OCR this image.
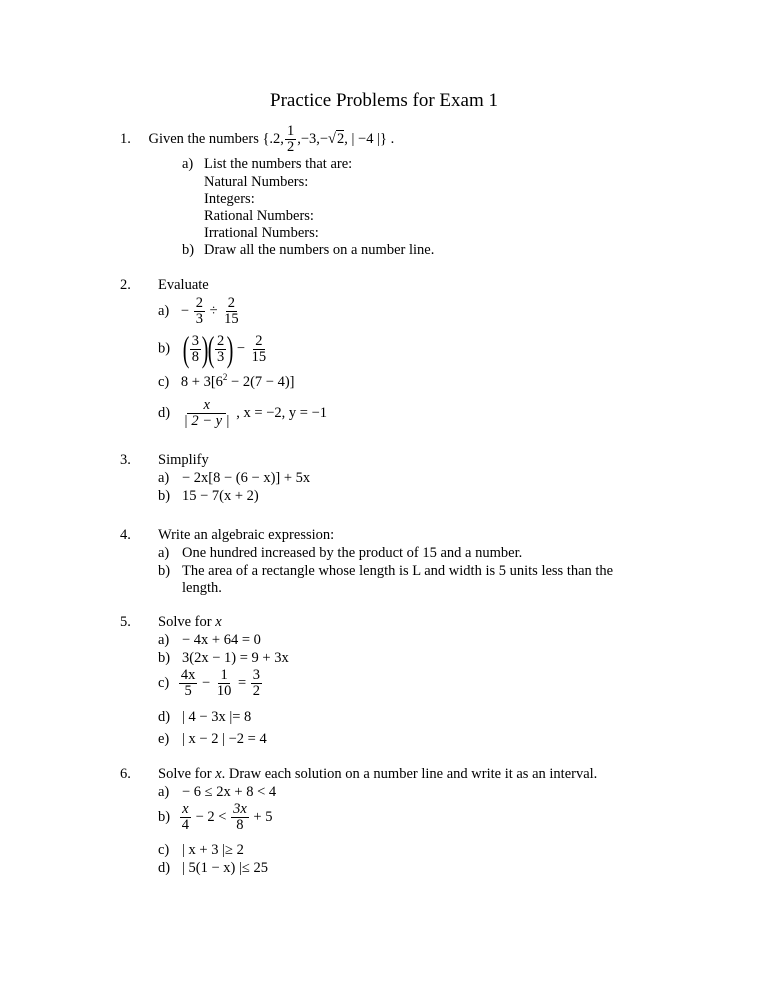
Practice Problems for Exam 1
1. Given the numbers {.2, $\frac{1}{2} ,-3,-√2$, | −4 |} .
a) List the numbers that are:
Natural Numbers:
Integers:
Rational Numbers:
Irrational Numbers:
b) Draw all the numbers on a number line.
2. Evaluate
$a) - \frac{2}{3} \div \frac{2}{15}$
b) ( $\frac{3}{8}$ )( $\frac{2}{3}$ ) − $\frac{2}{15}$
c) $8 + 3[6^2 - 2(7 - 4)]$
$d) \frac{x}{| 2 - y |}$ , x = −2, y = −1
3. Simplify
a) − 2x[8 − (6 − x)] + 5x
b) 15 − 7(x + 2)
4. Write an algebraic expression:
a) One hundred increased by the product of 15 and a number.
b) The area of a rectangle whose length is L and width is 5 units less than the
length.
5. Solve for x
a) − 4x + 64 = 0
b) 3(2x − 1) = 9 + 3x
$c) \frac{4x}{5} - \frac{1}{10} = \frac{3}{2}$
d) | 4 − 3x |= 8
e) | x − 2 | −2 = 4
6. Solve for x. Draw each solution on a number line and write it as an interval.
a) − 6 ≤ 2x + 8 < 4
$b) \frac{x}{4} - 2 < \frac{3x}{8} + 5$
c) | x + 3 |≥ 2
d) | 5(1 − x) |≤ 25
